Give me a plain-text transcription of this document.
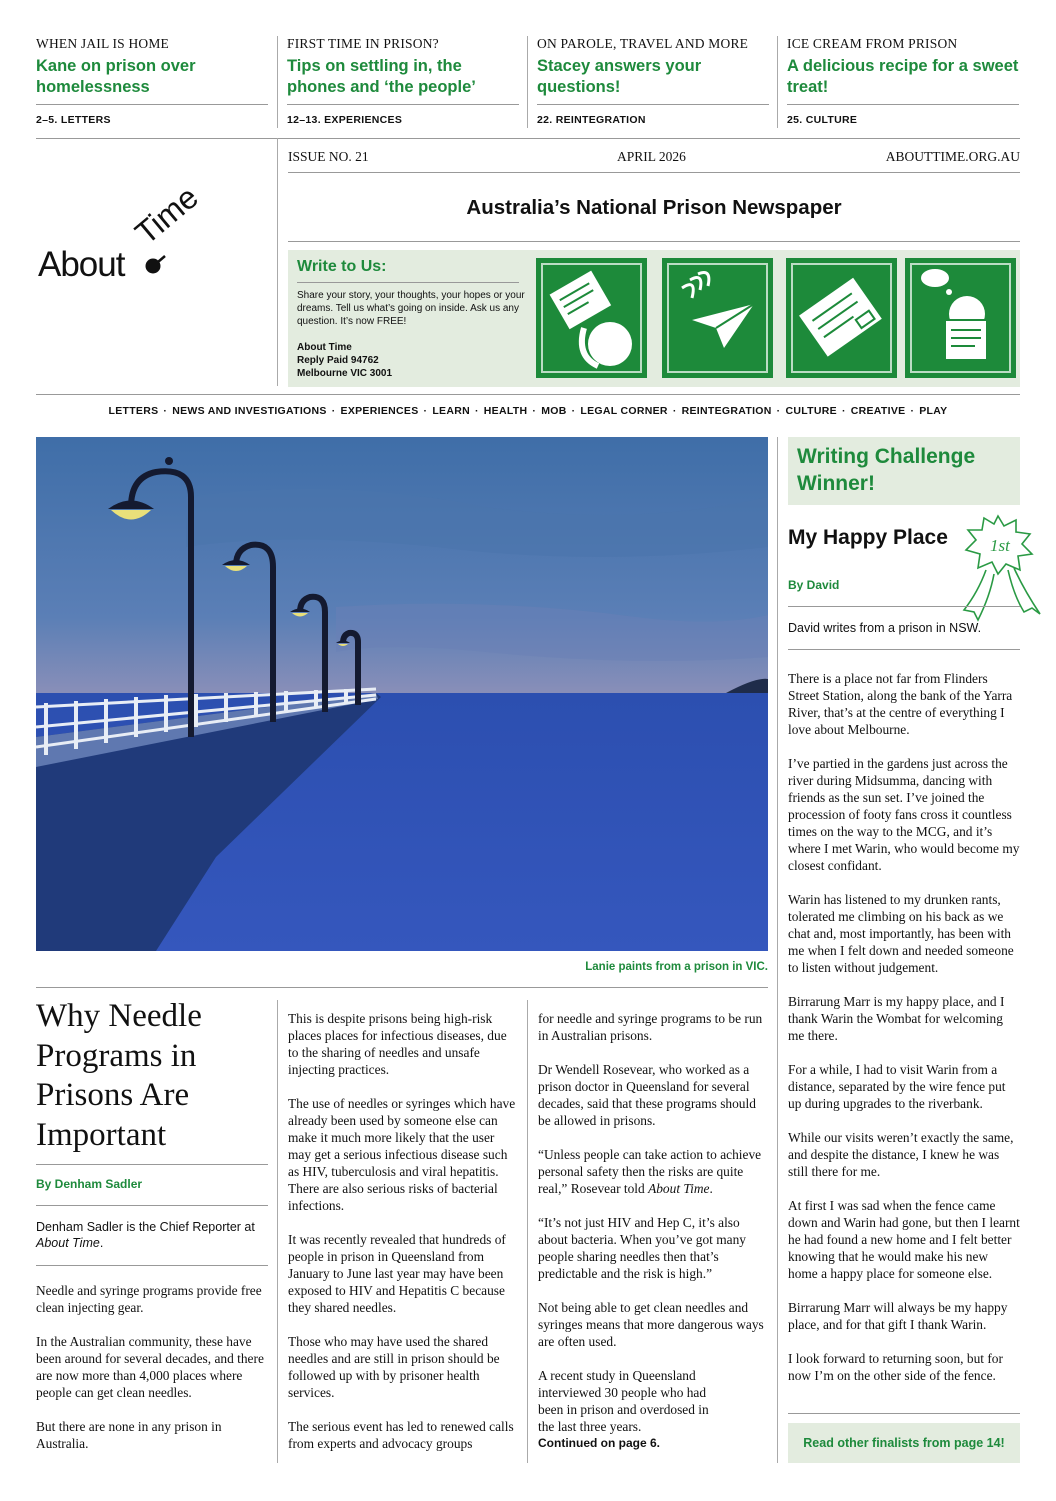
WHEN JAIL IS HOME
Kane on prison over homelessness
2–5. LETTERS
FIRST TIME IN PRISON?
Tips on settling in, the phones and ‘the people’
12–13. EXPERIENCES
ON PAROLE, TRAVEL AND MORE
Stacey answers your questions!
22. REINTEGRATION
ICE CREAM FROM PRISON
A delicious recipe for a sweet treat!
25. CULTURE
About
Time
ISSUE NO. 21	APRIL 2026	ABOUTTIME.ORG.AU
Australia’s National Prison Newspaper
Write to Us:
Share your story, your thoughts, your hopes or your dreams. Tell us what’s going on inside. Ask us any question. It’s now FREE!
About Time
Reply Paid 94762
Melbourne VIC 3001
LETTERS · NEWS AND INVESTIGATIONS · EXPERIENCES · LEARN · HEALTH · MOB · LEGAL CORNER · REINTEGRATION · CULTURE · CREATIVE · PLAY
Lanie paints from a prison in VIC.
Writing Challenge Winner!
My Happy Place 1st
By David
David writes from a prison in NSW.

There is a place not far from Flinders Street Station, along the bank of the Yarra River, that’s at the centre of everything I love about Melbourne.

I’ve partied in the gardens just across the river during Midsumma, dancing with friends as the sun set. I’ve joined the procession of footy fans cross it countless times on the way to the MCG, and it’s where I met Warin, who would become my closest confidant.

Warin has listened to my drunken rants, tolerated me climbing on his back as we chat and, most importantly, has been with me when I felt down and needed someone to listen without judgement.

Birrarung Marr is my happy place, and I thank Warin the Wombat for welcoming me there.

For a while, I had to visit Warin from a distance, separated by the wire fence put up during upgrades to the riverbank.

While our visits weren’t exactly the same, and despite the distance, I knew he was still there for me.

At first I was sad when the fence came down and Warin had gone, but then I learnt he had found a new home and I felt better knowing that he would make his new home a happy place for someone else.

Birrarung Marr will always be my happy place, and for that gift I thank Warin.

I look forward to returning soon, but for now I’m on the other side of the fence.

Read other finalists from page 14!
Why Needle Programs in Prisons Are Important
By Denham Sadler
Denham Sadler is the Chief Reporter at About Time.

Needle and syringe programs provide free clean injecting gear.

In the Australian community, these have been around for several decades, and there are now more than 4,000 places where people can get clean needles.

But there are none in any prison in Australia.

This is despite prisons being high-risk places places for infectious diseases, due to the sharing of needles and unsafe injecting practices.

The use of needles or syringes which have already been used by someone else can make it much more likely that the user may get a serious infectious disease such as HIV, tuberculosis and viral hepatitis. There are also serious risks of bacterial infections.

It was recently revealed that hundreds of people in prison in Queensland from January to June last year may have been exposed to HIV and Hepatitis C because they shared needles.

Those who may have used the shared needles and are still in prison should be followed up with by prisoner health services.

The serious event has led to renewed calls from experts and advocacy groups

for needle and syringe programs to be run in Australian prisons.

Dr Wendell Rosevear, who worked as a prison doctor in Queensland for several decades, said that these programs should be allowed in prisons.

“Unless people can take action to achieve personal safety then the risks are quite real,” Rosevear told About Time.

“It’s not just HIV and Hep C, it’s also about bacteria. When you’ve got many people sharing needles then that’s predictable and the risk is high.”

Not being able to get clean needles and syringes means that more dangerous ways are often used.

A recent study in Queensland interviewed 30 people who had been in prison and overdosed in the last three years.
Continued on page 6.
